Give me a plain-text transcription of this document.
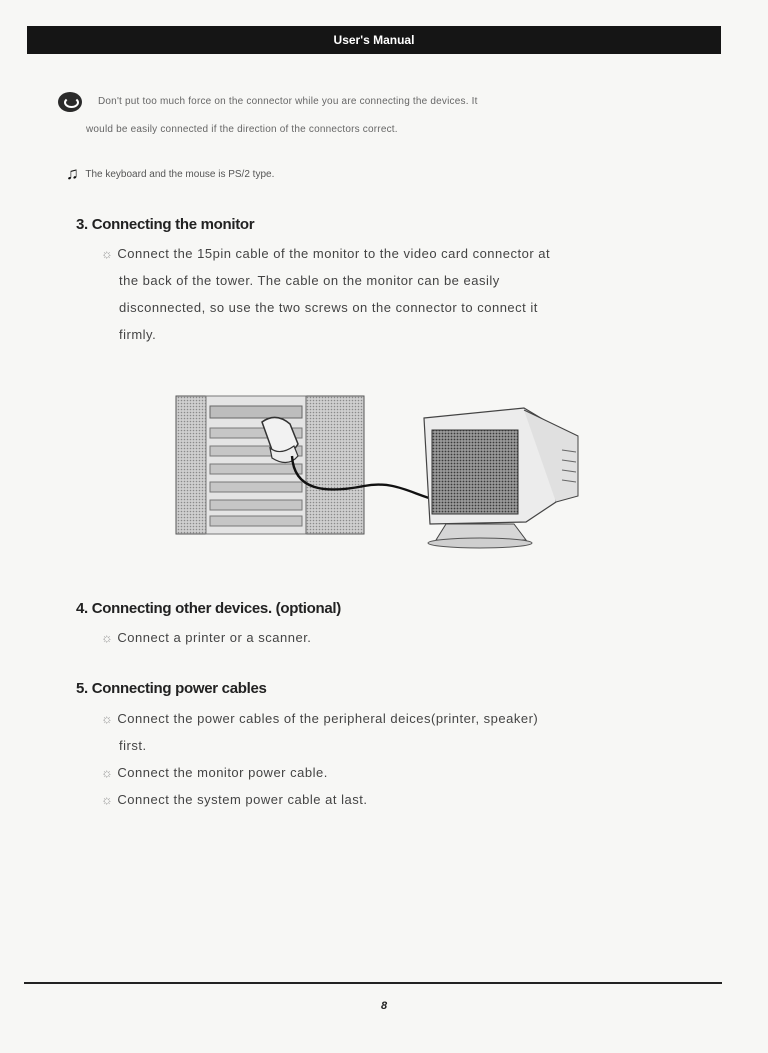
User's Manual
Don't put too much force on the connector while you are connecting the devices. It
would be easily connected if the direction of the connectors correct.
♫ The keyboard and the mouse is PS/2 type.
3. Connecting the monitor
☼ Connect the 15pin cable of the monitor to the video card connector at
the back of the tower. The cable on the monitor can be easily
disconnected, so use the two screws on the connector to connect it
firmly.
4. Connecting other devices. (optional)
☼ Connect a printer or a scanner.
5. Connecting power cables
☼ Connect the power cables of the peripheral deices(printer, speaker)
first.
☼ Connect the monitor power cable.
☼ Connect the system power cable at last.
8
